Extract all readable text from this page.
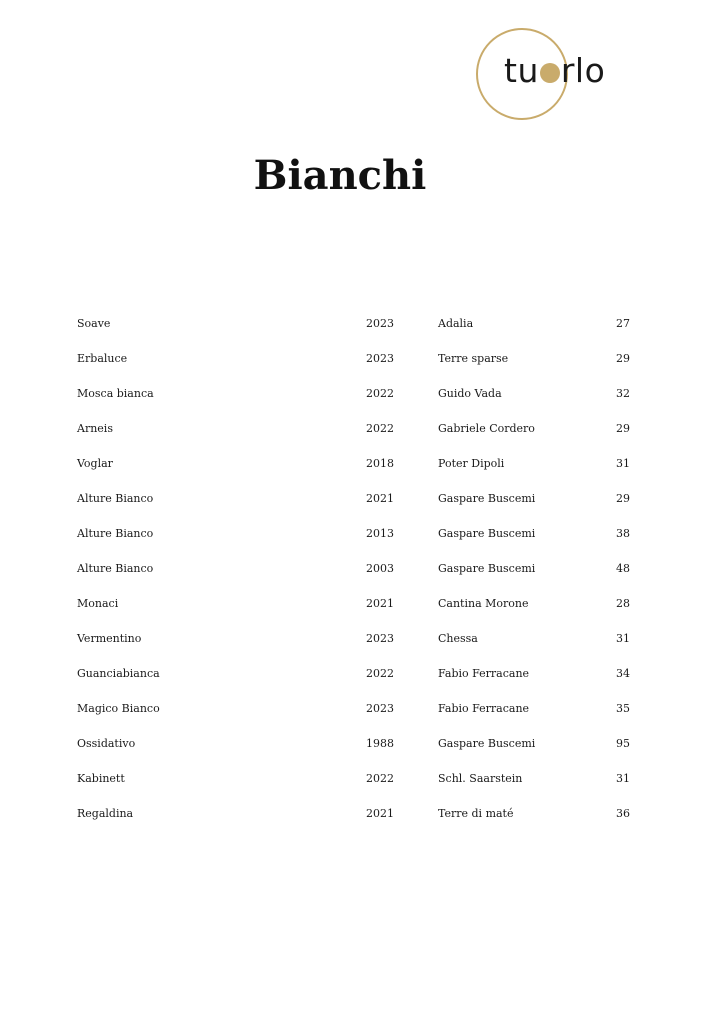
tu rlo
Bianchi
Soave	2023	Adalia	27
Erbaluce	2023	Terre sparse	29
Mosca bianca	2022	Guido Vada	32
Arneis	2022	Gabriele Cordero	29
Voglar	2018	Poter Dipoli	31
Alture Bianco	2021	Gaspare Buscemi	29
Alture Bianco	2013	Gaspare Buscemi	38
Alture Bianco	2003	Gaspare Buscemi	48
Monaci	2021	Cantina Morone	28
Vermentino	2023	Chessa	31
Guanciabianca	2022	Fabio Ferracane	34
Magico Bianco	2023	Fabio Ferracane	35
Ossidativo	1988	Gaspare Buscemi	95
Kabinett	2022	Schl. Saarstein	31
Regaldina	2021	Terre di maté	36
